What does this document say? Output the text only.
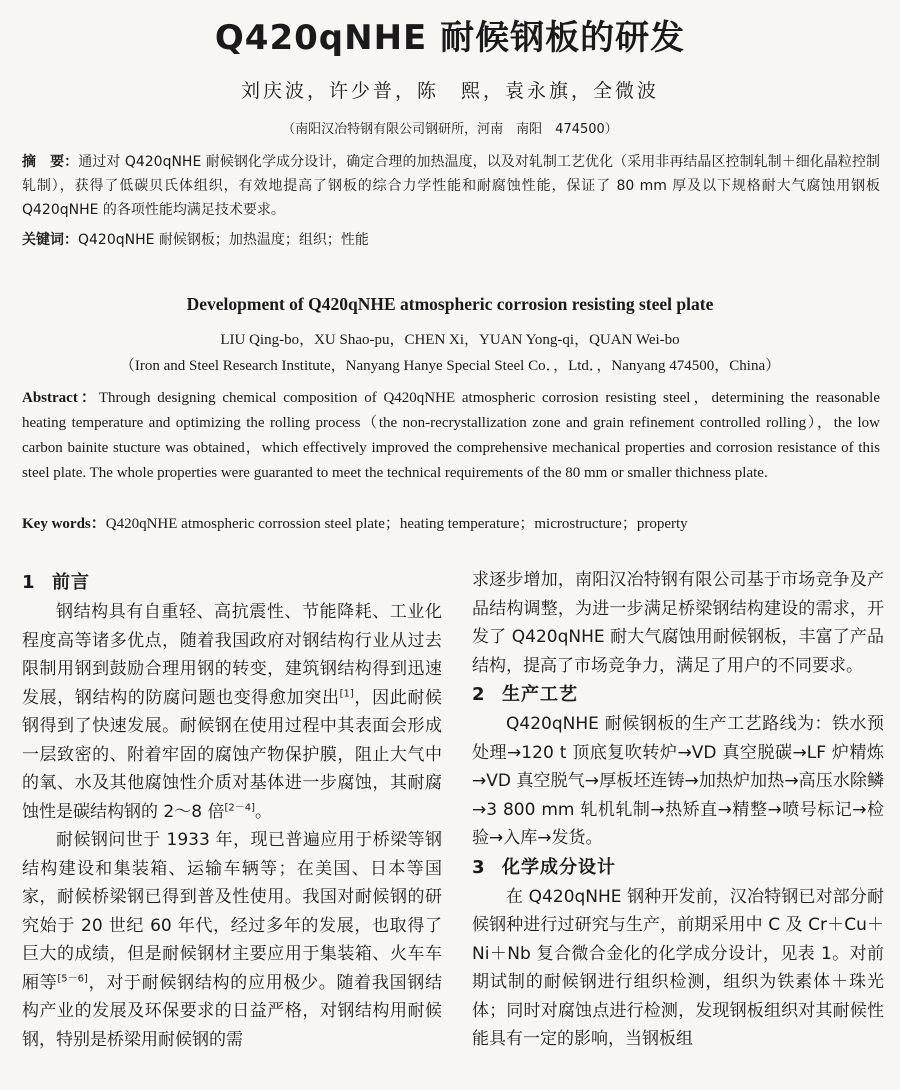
Q420qNHE 耐候钢板的研发
刘庆波，许少普，陈　熙，袁永旗，全微波
（南阳汉冶特钢有限公司钢研所，河南　南阳　474500）
摘　要：通过对 Q420qNHE 耐候钢化学成分设计，确定合理的加热温度，以及对轧制工艺优化（采用非再结晶区控制轧制＋细化晶粒控制轧制），获得了低碳贝氏体组织，有效地提高了钢板的综合力学性能和耐腐蚀性能，保证了 80 mm 厚及以下规格耐大气腐蚀用钢板 Q420qNHE 的各项性能均满足技术要求。
关键词：Q420qNHE 耐候钢板；加热温度；组织；性能
Development of Q420qNHE atmospheric corrosion resisting steel plate
LIU Qing-bo，XU Shao-pu，CHEN Xi，YUAN Yong-qi，QUAN Wei-bo
（Iron and Steel Research Institute，Nanyang Hanye Special Steel Co．，Ltd．，Nanyang 474500，China）
Abstract：Through designing chemical composition of Q420qNHE atmospheric corrosion resisting steel，determining the reasonable heating temperature and optimizing the rolling process（the non-recrystallization zone and grain refinement controlled rolling），the low carbon bainite stucture was obtained，which effectively improved the comprehensive mechanical properties and corrosion resistance of this steel plate. The whole properties were guaranted to meet the technical requirements of the 80 mm or smaller thichness plate.
Key words：Q420qNHE atmospheric corrossion steel plate；heating temperature；microstructure；property
1 前言

钢结构具有自重轻、高抗震性、节能降耗、工业化程度高等诸多优点，随着我国政府对钢结构行业从过去限制用钢到鼓励合理用钢的转变，建筑钢结构得到迅速发展，钢结构的防腐问题也变得愈加突出[1]，因此耐候钢得到了快速发展。耐候钢在使用过程中其表面会形成一层致密的、附着牢固的腐蚀产物保护膜，阻止大气中的氧、水及其他腐蚀性介质对基体进一步腐蚀，其耐腐蚀性是碳结构钢的 2～8 倍[2－4]。

耐候钢问世于 1933 年，现已普遍应用于桥梁等钢结构建设和集装箱、运输车辆等；在美国、日本等国家，耐候桥梁钢已得到普及性使用。我国对耐候钢的研究始于 20 世纪 60 年代，经过多年的发展，也取得了巨大的成绩，但是耐候钢材主要应用于集装箱、火车车厢等[5－6]，对于耐候钢结构的应用极少。随着我国钢结构产业的发展及环保要求的日益严格，对钢结构用耐候钢，特别是桥梁用耐候钢的需

求逐步增加，南阳汉冶特钢有限公司基于市场竞争及产品结构调整，为进一步满足桥梁钢结构建设的需求，开发了 Q420qNHE 耐大气腐蚀用耐候钢板，丰富了产品结构，提高了市场竞争力，满足了用户的不同要求。

2 生产工艺

Q420qNHE 耐候钢板的生产工艺路线为：铁水预处理→120 t 顶底复吹转炉→VD 真空脱碳→LF 炉精炼→VD 真空脱气→厚板坯连铸→加热炉加热→高压水除鳞→3 800 mm 轧机轧制→热矫直→精整→喷号标记→检验→入库→发货。

3 化学成分设计

在 Q420qNHE 钢种开发前，汉冶特钢已对部分耐候钢种进行过研究与生产，前期采用中 C 及 Cr＋Cu＋Ni＋Nb 复合微合金化的化学成分设计，见表 1。对前期试制的耐候钢进行组织检测，组织为铁素体＋珠光体；同时对腐蚀点进行检测，发现钢板组织对其耐候性能具有一定的影响，当钢板组
